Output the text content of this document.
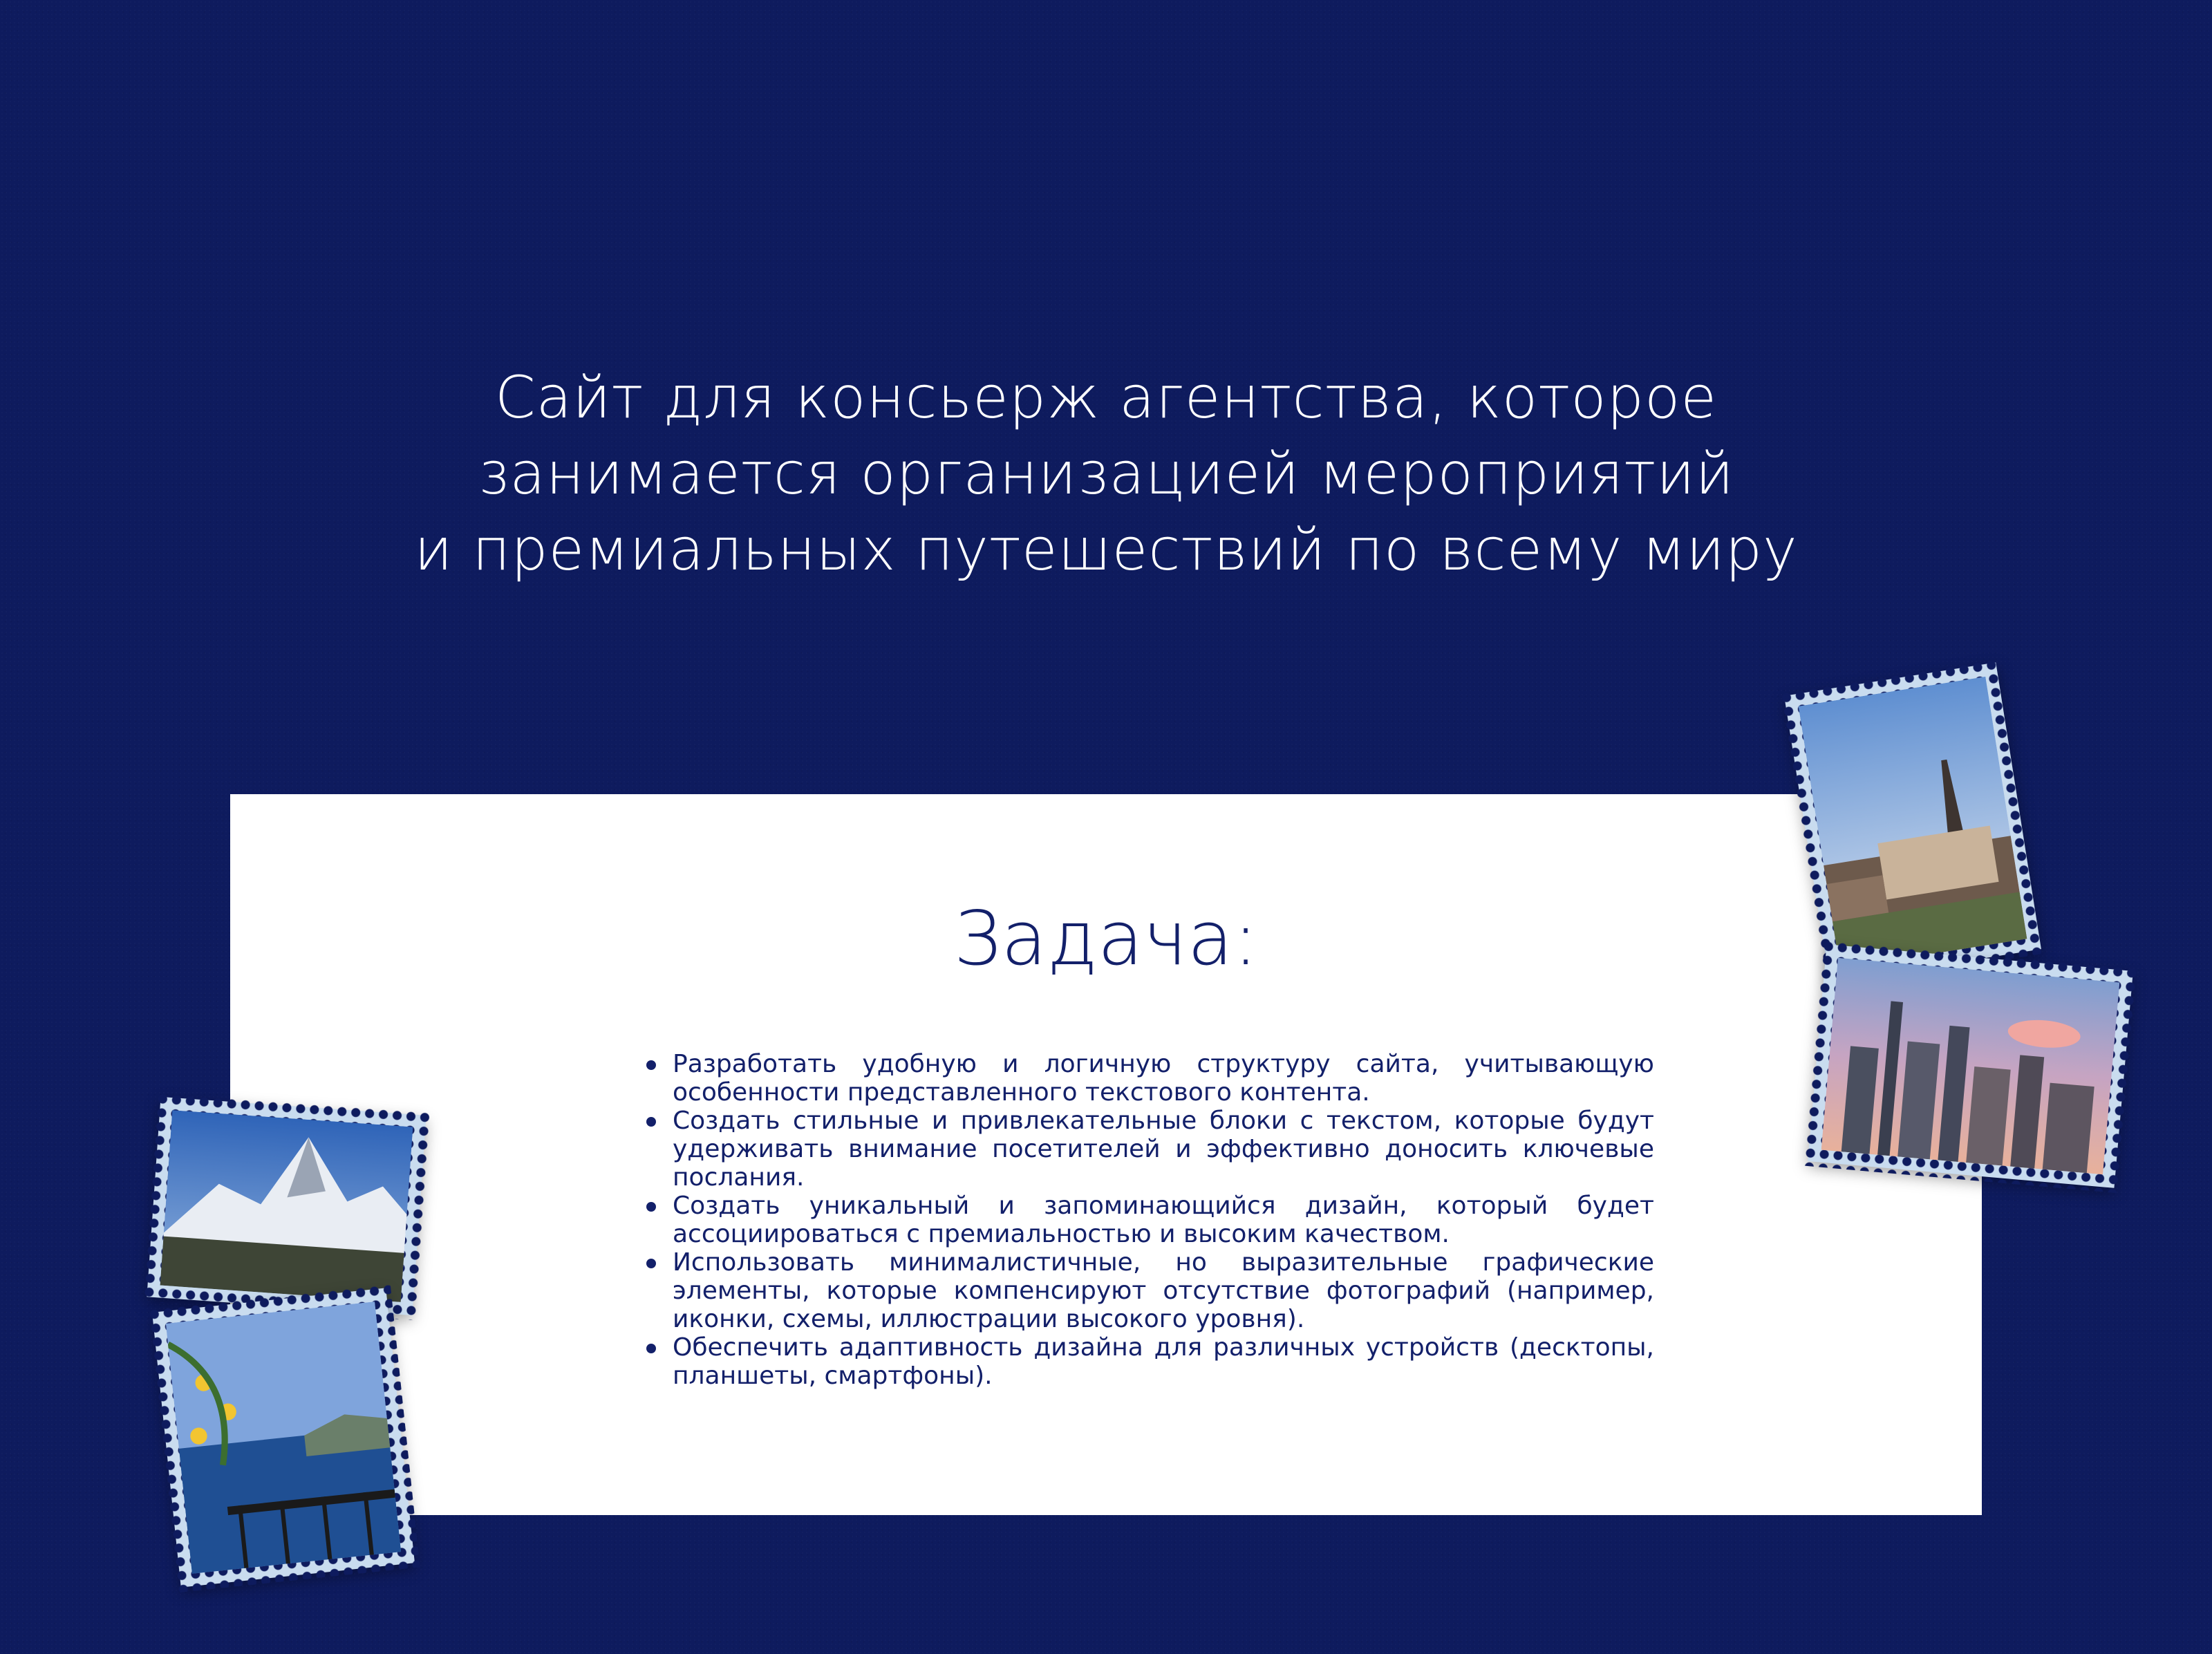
Сайт для консьерж агентства, которое
занимается организацией мероприятий
и премиальных путешествий по всему миру
Задача:
Разработать удобную и логичную структуру сайта, учитывающую особенности представленного текстового контента.
Создать стильные и привлекательные блоки с текстом, которые будут удерживать внимание посетителей и эффективно доносить ключевые послания.
Создать уникальный и запоминающийся дизайн, который будет ассоциироваться с премиальностью и высоким качеством.
Использовать минималистичные, но выразительные графические элементы, которые компенсируют отсутствие фотографий (например, иконки, схемы, иллюстрации высокого уровня).
Обеспечить адаптивность дизайна для различных устройств (десктопы, планшеты, смартфоны).
